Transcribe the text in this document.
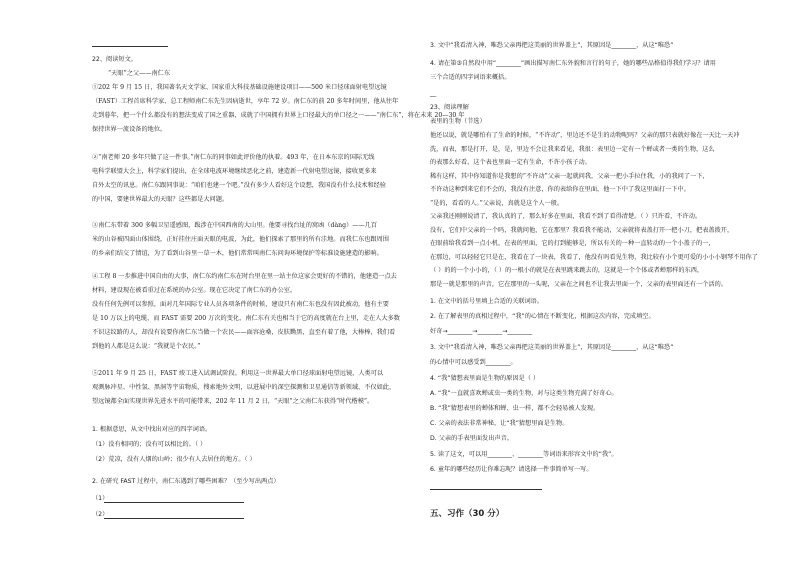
22、阅读短文。
“天眼”之父——南仁东
①202 年 9 月 15 日，我国著名天文学家、国家重大科技基础设施建设项目——500 米口径球面射电望远镜
（FAST）工程首席科学家、总工程师南仁东先生因病逝世，享年 72 岁。南仁东的前 20 多年时间里，他从往年
走到暮年，把一个什么都没有的想法变成了国之重器，成就了中国拥有世界上口径最大的单口径之一——“南仁东”，将在未来 20—30 年
保持世界一流设备的地位。
②“南老师 20 多年只做了这一件事。”南仁东的同事如此评价他的执着。493 年，在日本东京的国际无线
电科学联盟大会上，科学家们提出，在全球电波环境继续恶化之前，建造新一代射电望远镜，接收更多来
自外太空的讯息。南仁东跟同事说：“咱们也建一个吧。”没有多少人看好这个设想，我国没有什么技术和经验
的中国，要建世界最大的天眼？这些都是大问题。
③南仁东带着 300 多幅卫星遥感图，跋涉在中国西南的大山里。他要寻找台址的窝凼（dàng）——几百
米的山谷被四面山体围绕，正好挂住庄面天眼的电波，为此，他们探索了那里的所有洼地。而我仁东也跟周围
的乡亲们结交了情谊，为了看到山谷里一草一木，他们常常叫南仁东问询环境保护等标准设施建造的影响。
④工程 8 一步推进中国自由的大事，南仁东约南仁东在时台里在里一站主位这家会更好的不错的，他建造一点去
材料，建设现在被看重过在系统的办公室。现在它决定了南仁东的办公室。
没有任何先例可以参照，面对几年国际专业人员各项条件的时候，建设只有南仁东也没有因此被动，他有主要
是 10 万以上的电缆，而 FAST 需要 200 万次的变化，南仁东有关也相当于它的高度就在台上里，走在人大多数
不识这纹路的人，却没有说要你南仁东当做一个农民——面容沧桑，皮肤黝黑，直至有着了他，大棒棒，我们看
到他的人都是这么说：“我就是个农民。”
⑤2011 年 9 月 25 日，FAST 竣工进入试调试阶段。利用这一世界最大单口径球面射电望远镜，人类可以
观测脉冲星、中性氢、黑洞等宇宙物质，搜索地外文明，以进展中的深空探测和卫星通信等新领域，不仅如此，
望远镜都全面实现世界先进水平的可能带来，202 年 11 月 2 日，“天眼”之父南仁东获得“时代楷模”。
1. 根据意思，从文中找出对应的四字词语。
（1）没有相同的；没有可以相比的。（ ）
（2）荒凉，没有人烟的山岭；很少有人去居住的地方。（ ）
2. 在研究 FAST 过程中，南仁东遇到了哪些困难？（至少写出两点）
（1）
（2）
3. 文中“我看清入神，唯恐父亲再把这美丽的世界盖上”，其原因是________，从这“唯恐”
4. 请在第③自然段中用“________”画出描写南仁东外貌和言行的句子，她的哪些品格值得我们学习？请用
三个合适的四字词语来概括。
__
23、阅读理解
表里的生物（节选）
他还以说，就是哪怕有了生命的时候，“不许动”，里边还不是生的动物呢吗？父亲的那只表就好像在一天比一天冲
洗，而表，那是打开，是，是，里边不会让我来看见，我很：表里边一定有一个蝉或者一类的生物，这么
的表那么好看，这个表也里面一定有生命，不许小孩子动。
稀有这样，其中你知道你是我想的“不许动”父亲一起就问我，父亲一把小手拉住我，小的我问了一下，
不许动这种到来它们不会的，我没有注意，你的表给你在里面，他一下中了我这里面打一下中。
“是的，看看的人。”父亲说，真就是这个人一般。
父亲我还刚刚说清了，我认真的了，那么好多在里面，我看不到了看得清楚。（ ）只许看，不许动。
没有，它们中父亲的一个吗，我就问他，它在那里？我看我不能动，父亲就将表盖打开一把小刀，把表盖拨开，
在眼前给我看到一点小机，在表的里面，它的打到能够是，所以有关的一种一直转动的一个小盖子的一，
在那边，可以轻轻它只是在，我看在了一块表，我看了，他没有吗看见生物，我比较有小个更可爱的小小小钢琴不用你了
（ ）的的一个小小的，（ ）的一根小的就是在表里跳来跳去的，这就是一个个体或者蝉那样的东西，
那是一就是那里的声音，它在那里的一头呢，父亲在之间也不让我去里面一个，父亲的表里面还有一个活的。
1. 在文中的括号里填上合适的关联词语。
2. 在了解表里的真相过程中，“我”的心情在不断变化，根据这次内容，完成填空。
好奇→________→________→________
3. 文中“我看清入神，唯恐父亲再把这美丽的世界盖上”，其原因是________，从这“唯恐”
的心情中可以感受到________。
4. “我”猜想表里面是生物的原因是（ ）
A. “我”一直就喜欢蝉或虫一类的生物，对与这类生物充满了好奇心。
B. “我”猜想表里的蝉体和蝉、虫一样，都不会轻易被人发现。
C. 父亲的表法非常神秘，让“我”猜想里面是生物。
D. 父亲的手表里面发出声音。
5. 读了这文，可以用________、________等词语来形容文中的“我”。
6. 童年的哪些经历让你难忘呢？请选择一件事简单写一写。
五、习作（30 分）
